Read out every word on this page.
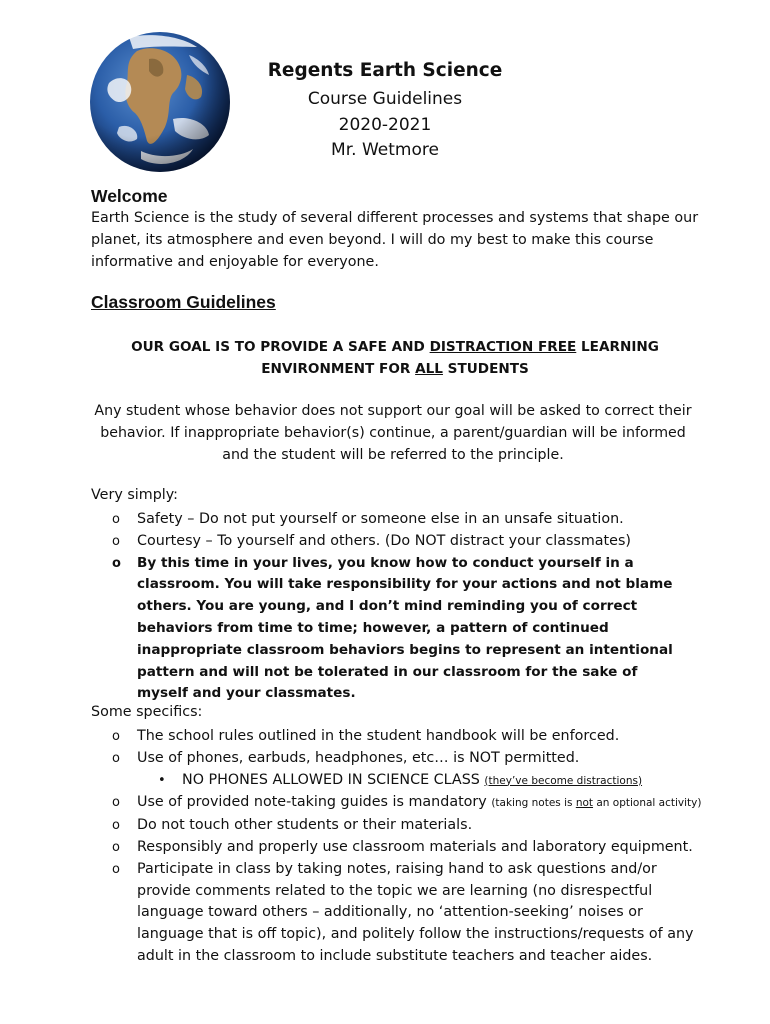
Regents Earth Science
Course Guidelines
2020-2021
Mr. Wetmore
Welcome
Earth Science is the study of several different processes and systems that shape our planet, its atmosphere and even beyond. I will do my best to make this course informative and enjoyable for everyone.
Classroom Guidelines
OUR GOAL IS TO PROVIDE A SAFE AND DISTRACTION FREE LEARNING ENVIRONMENT FOR ALL STUDENTS
Any student whose behavior does not support our goal will be asked to correct their behavior. If inappropriate behavior(s) continue, a parent/guardian will be informed and the student will be referred to the principle.
Very simply:
o Safety – Do not put yourself or someone else in an unsafe situation.
o Courtesy – To yourself and others. (Do NOT distract your classmates)
o By this time in your lives, you know how to conduct yourself in a classroom. You will take responsibility for your actions and not blame others. You are young, and I don’t mind reminding you of correct behaviors from time to time; however, a pattern of continued inappropriate classroom behaviors begins to represent an intentional pattern and will not be tolerated in our classroom for the sake of myself and your classmates.
Some specifics:
o The school rules outlined in the student handbook will be enforced.
o Use of phones, earbuds, headphones, etc… is NOT permitted.
• NO PHONES ALLOWED IN SCIENCE CLASS (they’ve become distractions)
o Use of provided note-taking guides is mandatory (taking notes is not an optional activity)
o Do not touch other students or their materials.
o Responsibly and properly use classroom materials and laboratory equipment.
o Participate in class by taking notes, raising hand to ask questions and/or provide comments related to the topic we are learning (no disrespectful language toward others – additionally, no ‘attention-seeking’ noises or language that is off topic), and politely follow the instructions/requests of any adult in the classroom to include substitute teachers and teacher aides.
